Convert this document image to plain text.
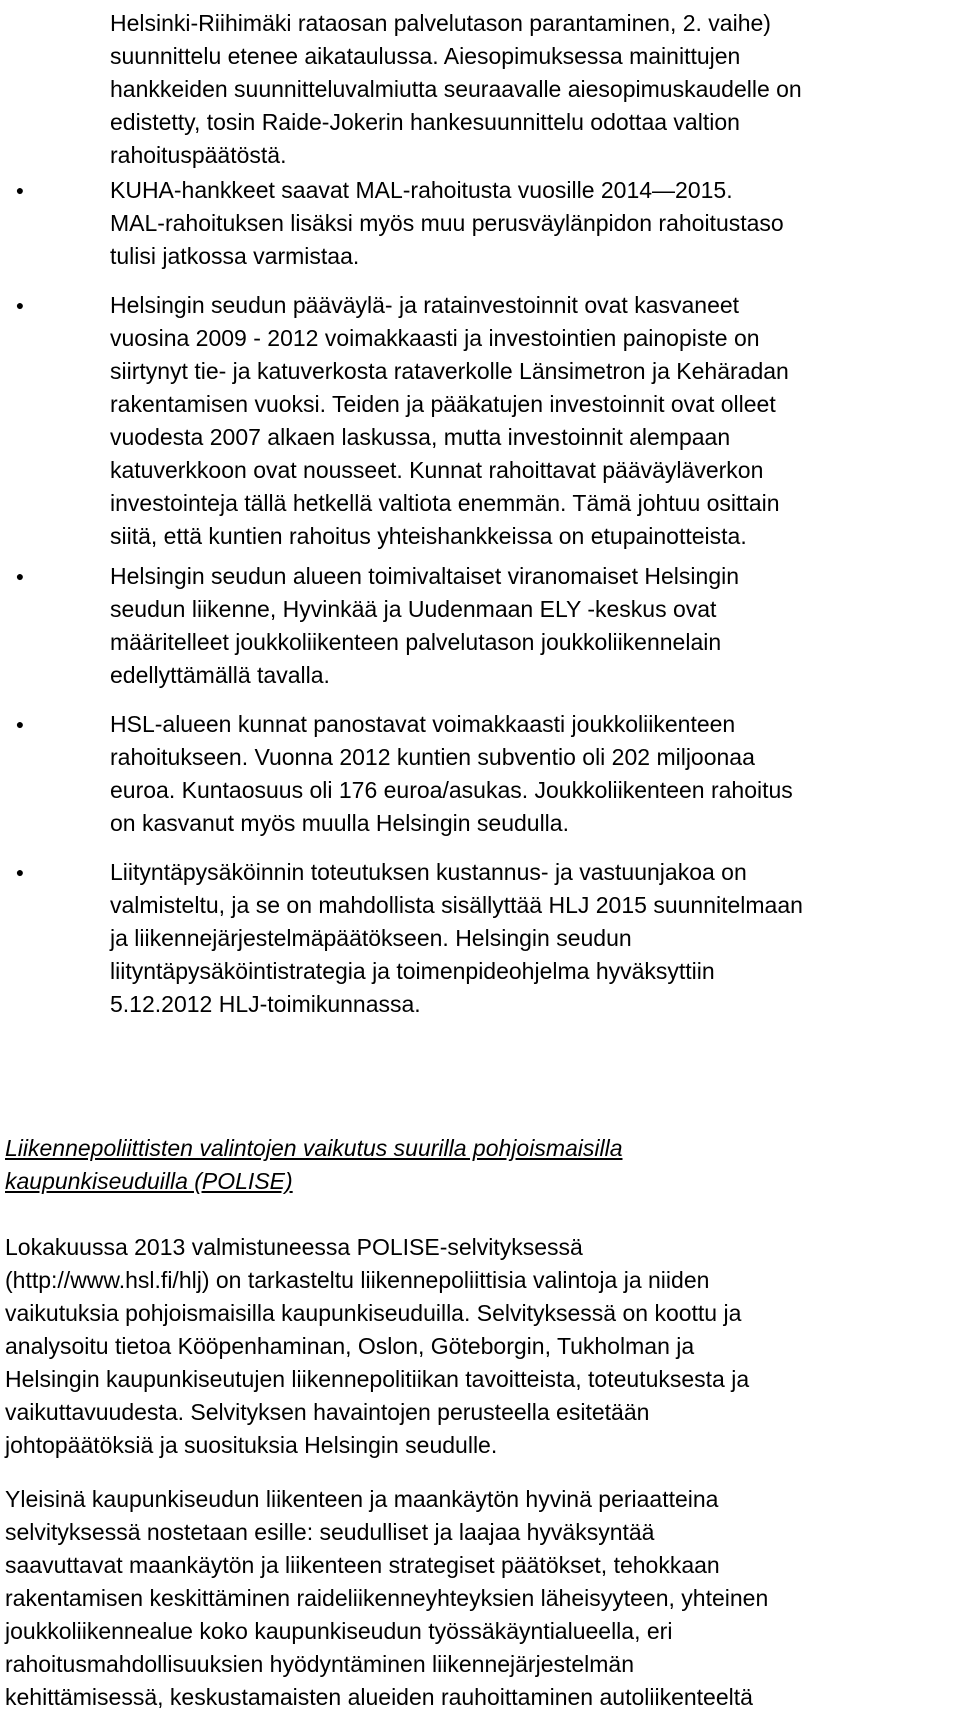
Helsinki-Riihimäki rataosan palvelutason parantaminen, 2. vaihe)
suunnittelu etenee aikataulussa. Aiesopimuksessa mainittujen
hankkeiden suunnitteluvalmiutta seuraavalle aiesopimuskaudelle on
edistetty, tosin Raide-Jokerin hankesuunnittelu odottaa valtion
rahoituspäätöstä.
●	KUHA-hankkeet saavat MAL-rahoitusta vuosille 2014—2015.
MAL-rahoituksen lisäksi myös muu perusväylänpidon rahoitustaso
tulisi jatkossa varmistaa.
●	Helsingin seudun pääväylä- ja ratainvestoinnit ovat kasvaneet
vuosina 2009 - 2012 voimakkaasti ja investointien painopiste on
siirtynyt tie- ja katuverkosta rataverkolle Länsimetron ja Kehäradan
rakentamisen vuoksi. Teiden ja pääkatujen investoinnit ovat olleet
vuodesta 2007 alkaen laskussa, mutta investoinnit alempaan
katuverkkoon ovat nousseet. Kunnat rahoittavat pääväyläverkon
investointeja tällä hetkellä valtiota enemmän. Tämä johtuu osittain
siitä, että kuntien rahoitus yhteishankkeissa on etupainotteista.
●	Helsingin seudun alueen toimivaltaiset viranomaiset Helsingin
seudun liikenne, Hyvinkää ja Uudenmaan ELY -keskus ovat
määritelleet joukkoliikenteen palvelutason joukkoliikennelain
edellyttämällä tavalla.
●	HSL-alueen kunnat panostavat voimakkaasti joukkoliikenteen
rahoitukseen. Vuonna 2012 kuntien subventio oli 202 miljoonaa
euroa. Kuntaosuus oli 176 euroa/asukas. Joukkoliikenteen rahoitus
on kasvanut myös muulla Helsingin seudulla.
●	Liityntäpysäköinnin toteutuksen kustannus- ja vastuunjakoa on
valmisteltu, ja se on mahdollista sisällyttää HLJ 2015 suunnitelmaan
ja liikennejärjestelmäpäätökseen. Helsingin seudun
liityntäpysäköintistrategia ja toimenpideohjelma hyväksyttiin
5.12.2012 HLJ-toimikunnassa.
Liikennepoliittisten valintojen vaikutus suurilla pohjoismaisilla
kaupunkiseuduilla (POLISE)
Lokakuussa 2013 valmistuneessa POLISE-selvityksessä
(http://www.hsl.fi/hlj) on tarkasteltu liikennepoliittisia valintoja ja niiden
vaikutuksia pohjoismaisilla kaupunkiseuduilla. Selvityksessä on koottu ja
analysoitu tietoa Kööpenhaminan, Oslon, Göteborgin, Tukholman ja
Helsingin kaupunkiseutujen liikennepolitiikan tavoitteista, toteutuksesta ja
vaikuttavuudesta. Selvityksen havaintojen perusteella esitetään
johtopäätöksiä ja suosituksia Helsingin seudulle.
Yleisinä kaupunkiseudun liikenteen ja maankäytön hyvinä periaatteina
selvityksessä nostetaan esille: seudulliset ja laajaa hyväksyntää
saavuttavat maankäytön ja liikenteen strategiset päätökset, tehokkaan
rakentamisen keskittäminen raideliikenneyhteyksien läheisyyteen, yhteinen
joukkoliikennealue koko kaupunkiseudun työssäkäyntialueella, eri
rahoitusmahdollisuuksien hyödyntäminen liikennejärjestelmän
kehittämisessä, keskustamaisten alueiden rauhoittaminen autoliikenteeltä
